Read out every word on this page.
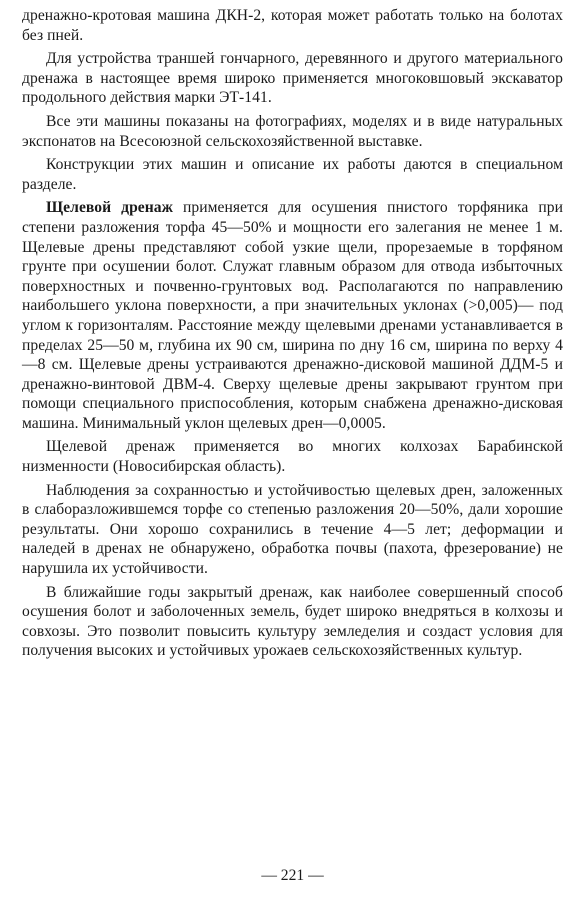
дренажно-кротовая машина ДКН-2, которая может работать только на болотах без пней.

Для устройства траншей гончарного, деревянного и другого материального дренажа в настоящее время широко применяется многоковшовый экскаватор продольного действия марки ЭТ-141.

Все эти машины показаны на фотографиях, моделях и в виде натуральных экспонатов на Всесоюзной сельскохозяйственной выставке.

Конструкции этих машин и описание их работы даются в специальном разделе.

Щелевой дренаж применяется для осушения пнистого торфяника при степени разложения торфа 45—50% и мощности его залегания не менее 1 м. Щелевые дрены представляют собой узкие щели, прорезаемые в торфяном грунте при осушении болот. Служат главным образом для отвода избыточных поверхностных и почвенно-грунтовых вод. Располагаются по направлению наибольшего уклона поверхности, а при значительных уклонах (>0,005)— под углом к горизонталям. Расстояние между щелевыми дренами устанавливается в пределах 25—50 м, глубина их 90 см, ширина по дну 16 см, ширина по верху 4—8 см. Щелевые дрены устраиваются дренажно-дисковой машиной ДДМ-5 и дренажно-винтовой ДВМ-4. Сверху щелевые дрены закрывают грунтом при помощи специального приспособления, которым снабжена дренажно-дисковая машина. Минимальный уклон щелевых дрен—0,0005.

Щелевой дренаж применяется во многих колхозах Барабинской низменности (Новосибирская область).

Наблюдения за сохранностью и устойчивостью щелевых дрен, заложенных в слаборазложившемся торфе со степенью разложения 20—50%, дали хорошие результаты. Они хорошо сохранились в течение 4—5 лет; деформации и наледей в дренах не обнаружено, обработка почвы (пахота, фрезерование) не нарушила их устойчивости.

В ближайшие годы закрытый дренаж, как наиболее совершенный способ осушения болот и заболоченных земель, будет широко внедряться в колхозы и совхозы. Это позволит повысить культуру земледелия и создаст условия для получения высоких и устойчивых урожаев сельскохозяйственных культур.

— 221 —
